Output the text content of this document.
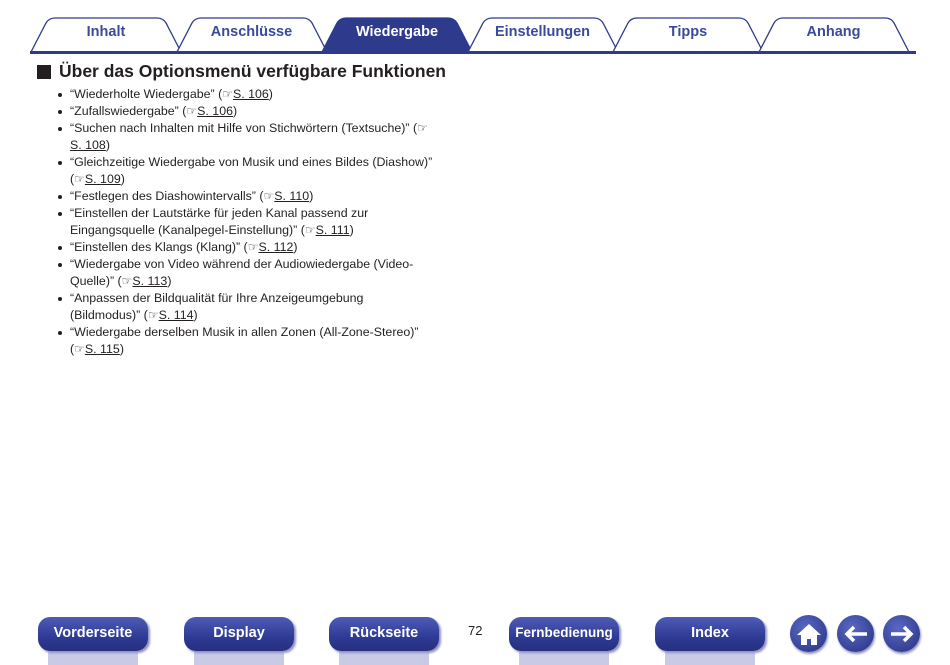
Inhalt	Anschlüsse	Wiedergabe	Einstellungen	Tipps	Anhang
Über das Optionsmenü verfügbare Funktionen
“Wiederholte Wiedergabe” (☞S. 106)
“Zufallswiedergabe” (☞S. 106)
“Suchen nach Inhalten mit Hilfe von Stichwörtern (Textsuche)” (☞S. 108)
“Gleichzeitige Wiedergabe von Musik und eines Bildes (Diashow)” (☞S. 109)
“Festlegen des Diashowintervalls” (☞S. 110)
“Einstellen der Lautstärke für jeden Kanal passend zur Eingangsquelle (Kanalpegel-Einstellung)” (☞S. 111)
“Einstellen des Klangs (Klang)” (☞S. 112)
“Wiedergabe von Video während der Audiowiedergabe (Video-Quelle)” (☞S. 113)
“Anpassen der Bildqualität für Ihre Anzeigeumgebung (Bildmodus)” (☞S. 114)
“Wiedergabe derselben Musik in allen Zonen (All-Zone-Stereo)” (☞S. 115)
Vorderseite	Display	Rückseite	Fernbedienung	Index
72
